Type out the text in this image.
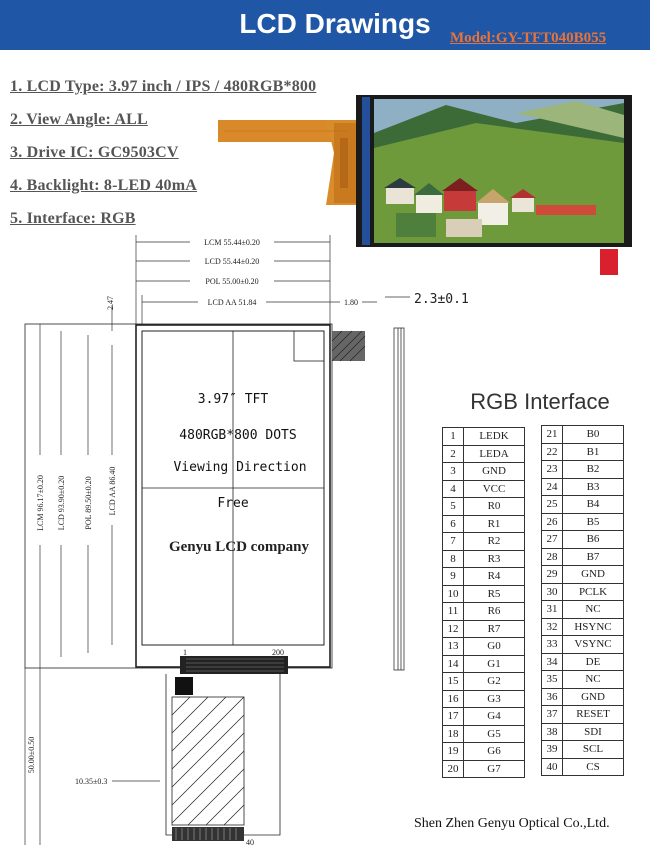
LCD Drawings	Model:GY-TFT040B055
1. LCD Type: 3.97 inch / IPS / 480RGB*800
2. View Angle: ALL
3. Drive IC: GC9503CV
4. Backlight: 8-LED 40mA
5. Interface: RGB
LCM 55.44±0.20
LCD 55.44±0.20
POL 55.00±0.20
LCD AA 51.84	1.80	2.3±0.1
LCM 96.17±0.20 LCD 93.90±0.20 POL 89.50±0.20 LCD AA 86.40
2.47
50.00±0.50
10.35±0.3
3.97″ TFT
480RGB*800 DOTS
Viewing Direction
Free
Genyu LCD company
1	200
40
RGB Interface
1	LEDK
2	LEDA
3	GND
4	VCC
5	R0
6	R1
7	R2
8	R3
9	R4
10	R5
11	R6
12	R7
13	G0
14	G1
15	G2
16	G3
17	G4
18	G5
19	G6
20	G7
21	B0
22	B1
23	B2
24	B3
25	B4
26	B5
27	B6
28	B7
29	GND
30	PCLK
31	NC
32	HSYNC
33	VSYNC
34	DE
35	NC
36	GND
37	RESET
38	SDI
39	SCL
40	CS
Shen Zhen Genyu Optical Co.,Ltd.
